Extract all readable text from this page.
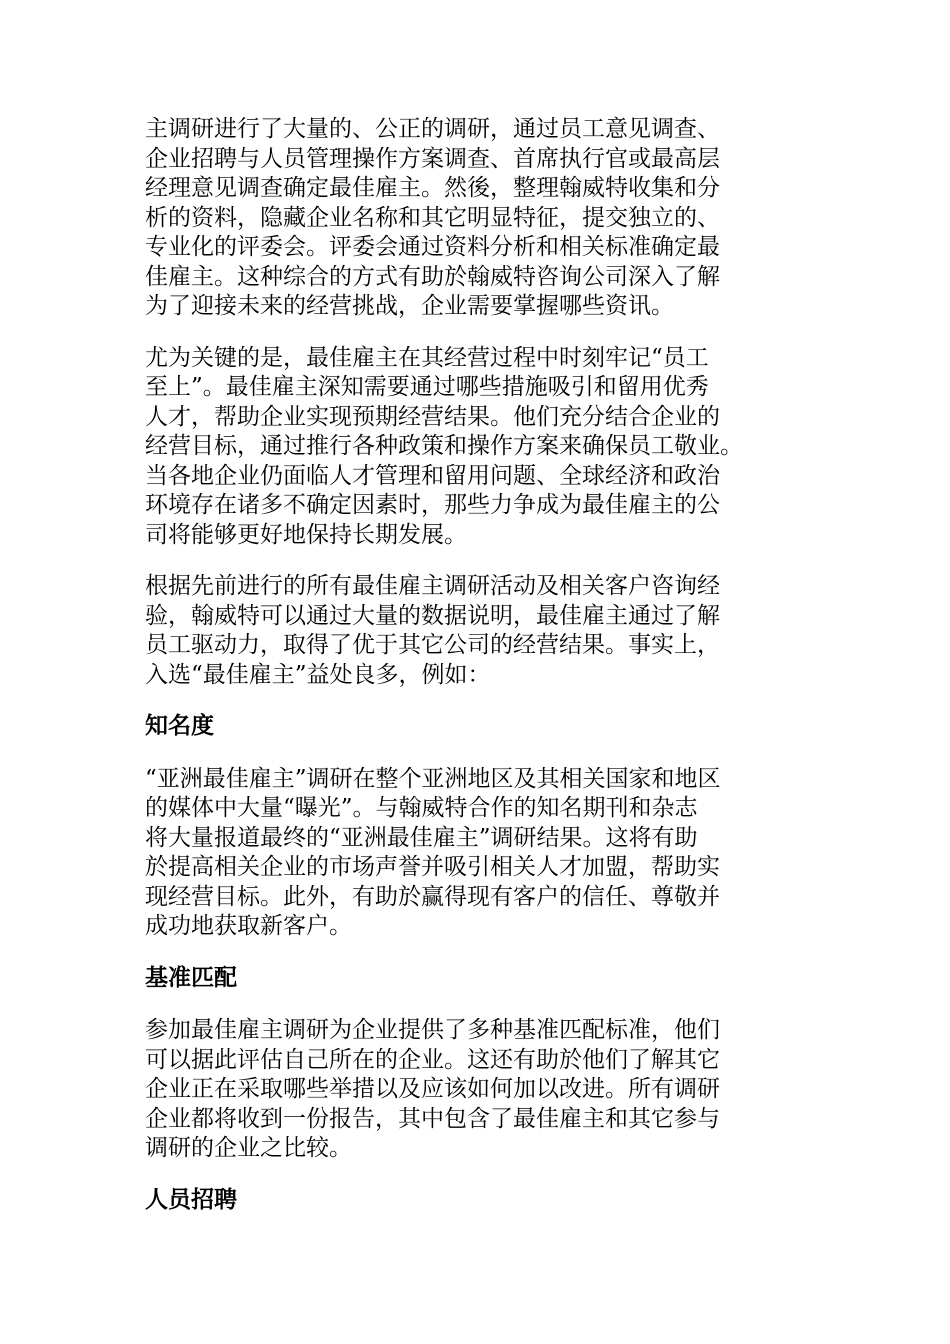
主调研进行了大量的、公正的调研，通过员工意见调查、
企业招聘与人员管理操作方案调查、首席执行官或最高层
经理意见调查确定最佳雇主。然後，整理翰威特收集和分
析的资料，隐藏企业名称和其它明显特征，提交独立的、
专业化的评委会。评委会通过资料分析和相关标准确定最
佳雇主。这种综合的方式有助於翰威特咨询公司深入了解
为了迎接未来的经营挑战，企业需要掌握哪些资讯。

尤为关键的是，最佳雇主在其经营过程中时刻牢记“员工
至上”。最佳雇主深知需要通过哪些措施吸引和留用优秀
人才，帮助企业实现预期经营结果。他们充分结合企业的
经营目标，通过推行各种政策和操作方案来确保员工敬业。
当各地企业仍面临人才管理和留用问题、全球经济和政治
环境存在诸多不确定因素时，那些力争成为最佳雇主的公
司将能够更好地保持长期发展。

根据先前进行的所有最佳雇主调研活动及相关客户咨询经
验，翰威特可以通过大量的数据说明，最佳雇主通过了解
员工驱动力，取得了优于其它公司的经营结果。事实上，
入选“最佳雇主”益处良多，例如：

知名度

“亚洲最佳雇主”调研在整个亚洲地区及其相关国家和地区
的媒体中大量“曝光”。与翰威特合作的知名期刊和杂志
将大量报道最终的“亚洲最佳雇主”调研结果。这将有助
於提高相关企业的市场声誉并吸引相关人才加盟，帮助实
现经营目标。此外，有助於赢得现有客户的信任、尊敬并
成功地获取新客户。

基准匹配

参加最佳雇主调研为企业提供了多种基准匹配标准，他们
可以据此评估自己所在的企业。这还有助於他们了解其它
企业正在采取哪些举措以及应该如何加以改进。所有调研
企业都将收到一份报告，其中包含了最佳雇主和其它参与
调研的企业之比较。

人员招聘
